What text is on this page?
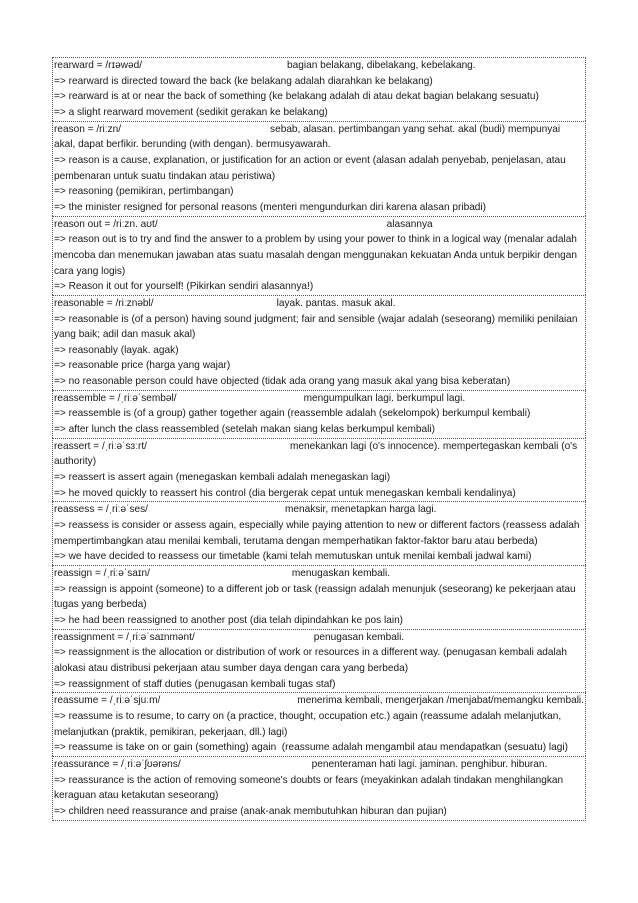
rearward = /rɪəwəd/	bagian belakang, dibelakang, kebelakang.
=> rearward is directed toward the back (ke belakang adalah diarahkan ke belakang)
=> rearward is at or near the back of something (ke belakang adalah di atau dekat bagian belakang sesuatu)
=> a slight rearward movement (sedikit gerakan ke belakang)
reason = /riːzn/	sebab, alasan. pertimbangan yang sehat. akal (budi) mempunyai akal, dapat berfikir. berunding (with dengan). bermusyawarah.
=> reason is a cause, explanation, or justification for an action or event (alasan adalah penyebab, penjelasan, atau pembenaran untuk suatu tindakan atau peristiwa)
=> reasoning (pemikiran, pertimbangan)
=> the minister resigned for personal reasons (menteri mengundurkan diri karena alasan pribadi)
reason out = /riːzn. aʊt/	alasannya
=> reason out is to try and find the answer to a problem by using your power to think in a logical way (menalar adalah mencoba dan menemukan jawaban atas suatu masalah dengan menggunakan kekuatan Anda untuk berpikir dengan cara yang logis)
=> Reason it out for yourself! (Pikirkan sendiri alasannya!)
reasonable = /riːznəbl/	layak. pantas. masuk akal.
=> reasonable is (of a person) having sound judgment; fair and sensible (wajar adalah (seseorang) memiliki penilaian yang baik; adil dan masuk akal)
=> reasonably (layak. agak)
=> reasonable price (harga yang wajar)
=> no reasonable person could have objected (tidak ada orang yang masuk akal yang bisa keberatan)
reassemble = /ˌriːəˈsembəl/	mengumpulkan lagi. berkumpul lagi.
=> reassemble is (of a group) gather together again (reassemble adalah (sekelompok) berkumpul kembali)
=> after lunch the class reassembled (setelah makan siang kelas berkumpul kembali)
reassert = /ˌriːəˈsɜːrt/	menekankan lagi (o's innocence). mempertegaskan kembali (o's authority)
=> reassert is assert again (menegaskan kembali adalah menegaskan lagi)
=> he moved quickly to reassert his control (dia bergerak cepat untuk menegaskan kembali kendalinya)
reassess = /ˌriːəˈses/	menaksir, menetapkan harga lagi.
=> reassess is consider or assess again, especially while paying attention to new or different factors (reassess adalah mempertimbangkan atau menilai kembali, terutama dengan memperhatikan faktor-faktor baru atau berbeda)
=> we have decided to reassess our timetable (kami telah memutuskan untuk menilai kembali jadwal kami)
reassign = /ˌriːəˈsaɪn/	menugaskan kembali.
=> reassign is appoint (someone) to a different job or task (reassign adalah menunjuk (seseorang) ke pekerjaan atau tugas yang berbeda)
=> he had been reassigned to another post (dia telah dipindahkan ke pos lain)
reassignment = /ˌriːəˈsaɪnmənt/	penugasan kembali.
=> reassignment is the allocation or distribution of work or resources in a different way. (penugasan kembali adalah alokasi atau distribusi pekerjaan atau sumber daya dengan cara yang berbeda)
=> reassignment of staff duties (penugasan kembali tugas staf)
reassume = /ˌriːəˈsjuːm/	menerima kembali, mengerjakan /menjabat/memangku kembali.
=> reassume is to resume, to carry on (a practice, thought, occupation etc.) again (reassume adalah melanjutkan, melanjutkan (praktik, pemikiran, pekerjaan, dll.) lagi)
=> reassume is take on or gain (something) again  (reassume adalah mengambil atau mendapatkan (sesuatu) lagi)
reassurance = /ˌriːəˈʃʊərəns/	penenteraman hati lagi. jaminan. penghibur. hiburan.
=> reassurance is the action of removing someone's doubts or fears (meyakinkan adalah tindakan menghilangkan keraguan atau ketakutan seseorang)
=> children need reassurance and praise (anak-anak membutuhkan hiburan dan pujian)
